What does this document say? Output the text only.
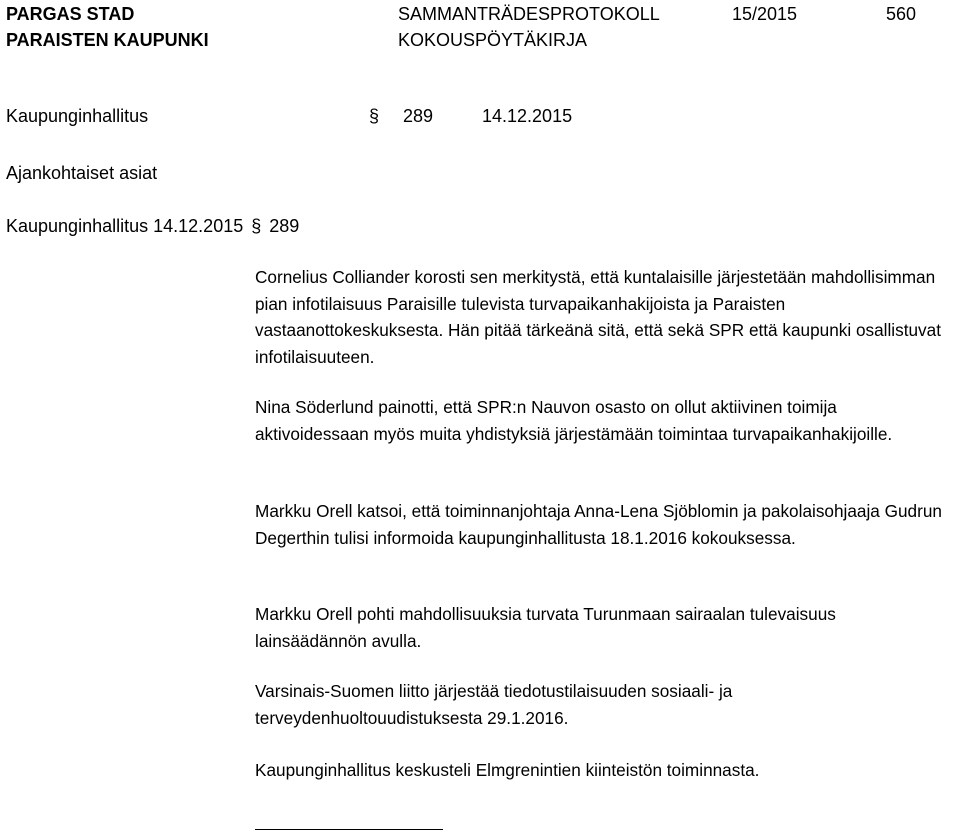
PARGAS STAD
PARAISTEN KAUPUNKI
SAMMANTRÄDESPROTOKOLL
KOKOUSPÖYTÄKIRJA
15/2015	560
Kaupunginhallitus	§ 289	14.12.2015
Ajankohtaiset asiat
Kaupunginhallitus 14.12.2015 § 289
Cornelius Colliander korosti sen merkitystä, että kuntalaisille järjestetään mahdollisimman pian infotilaisuus Paraisille tulevista turvapaikanhakijoista ja Paraisten vastaanottokeskuksesta. Hän pitää tärkeänä sitä, että sekä SPR että kaupunki osallistuvat infotilaisuuteen.
Nina Söderlund painotti, että SPR:n Nauvon osasto on ollut aktiivinen toimija aktivoidessaan myös muita yhdistyksiä järjestämään toimintaa turvapaikanhakijoille.
Markku Orell katsoi, että toiminnanjohtaja Anna-Lena Sjöblomin ja pakolaisohjaaja Gudrun Degerthin tulisi informoida kaupunginhallitusta 18.1.2016 kokouksessa.
Markku Orell pohti mahdollisuuksia turvata Turunmaan sairaalan tulevaisuus lainsäädännön avulla.
Varsinais-Suomen liitto järjestää tiedotustilaisuuden sosiaali- ja terveydenhuoltouudistuksesta 29.1.2016.
Kaupunginhallitus keskusteli Elmgrenintien kiinteistön toiminnasta.
